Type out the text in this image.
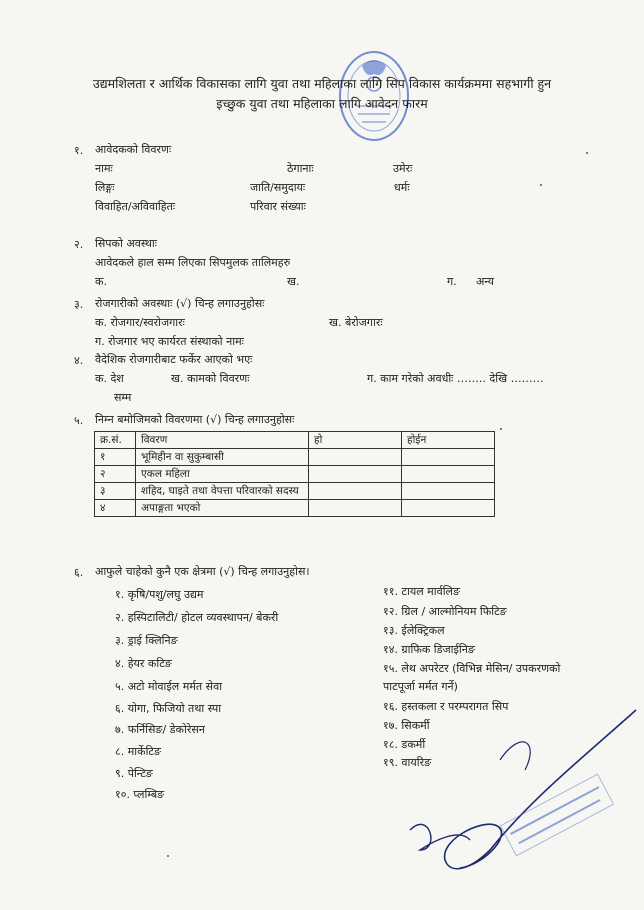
उद्यमशिलता र आर्थिक विकासका लागि युवा तथा महिलाका लागि सिप विकास कार्यक्रममा सहभागी हुन
इच्छुक युवा तथा महिलाका लागि आवेदन फारम
१. आवेदकको विवरणः
नामः	ठेगानाः	उमेरः
लिङ्गः	जाति/समुदायः	धर्मः
विवाहित/अविवाहितः	परिवार संख्याः
२. सिपको अवस्थाः
आवेदकले हाल सम्म लिएका सिपमुलक तालिमहरु
क.	ख.	ग. अन्य
३. रोजगारीको अवस्थाः (√) चिन्ह लगाउनुहोसः
क. रोजगार/स्वरोजगारः	ख. बेरोजगारः
ग. रोजगार भए कार्यरत संस्थाको नामः
४. वैदेशिक रोजगारीबाट फर्केर आएको भएः
क. देश	ख. कामको विवरणः	ग. काम गरेको अवधीः …….. देखि ………
सम्म
५. निम्न बमोजिमको विवरणमा (√) चिन्ह लगाउनुहोसः
क्र.सं.	विवरण	हो	होईन
१	भूमिहीन वा सुकुम्बासी		
२	एकल महिला		
३	शहिद, घाइते तथा वेपत्ता परिवारको सदस्य		
४	अपाङ्गता भएको		
६. आफुले चाहेको कुनै एक क्षेत्रमा (√) चिन्ह लगाउनुहोस।
१. कृषि/पशु/लघु उद्यम
२. हस्पिटालिटी/ होटल व्यवस्थापन/ बेकरी
३. ड्राई क्लिनिङ
४. हेयर कटिङ
५. अटो मोवाईल मर्मत सेवा
६. योगा, फिजियो तथा स्पा
७. फर्निसिङ/ डेकोरेसन
८. मार्केटिङ
९. पेन्टिङ
१०. प्लम्बिङ
११. टायल मार्वलिङ
१२. ग्रिल / आल्मोनियम फिटिङ
१३. ईलेक्ट्रिकल
१४. ग्राफिक डिजाईनिङ
१५. लेथ अपरेटर (विभिन्न मेसिन/ उपकरणको
पाटपूर्जा मर्मत गर्ने)
१६. हस्तकला र परम्परागत सिप
१७. सिकर्मी
१८. डकर्मी
१९. वायरिङ
